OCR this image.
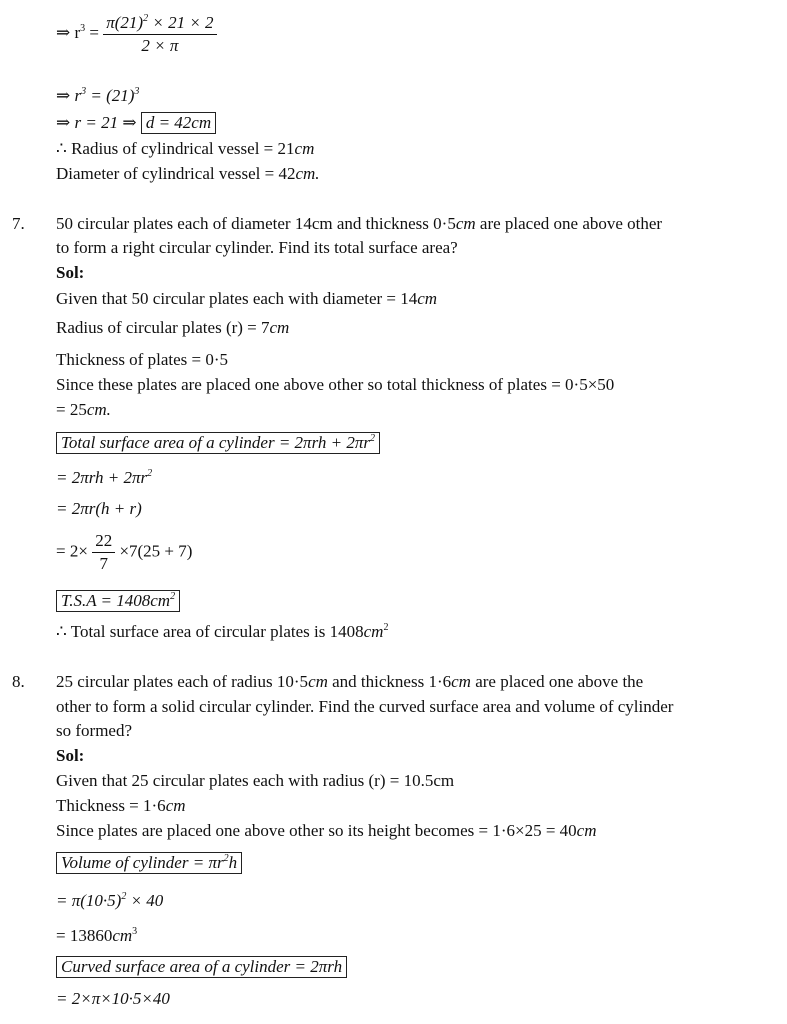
⇒ $r^3 = \frac{\pi(21)^2 \times 21 \times 2}{2 \times \pi}$
⇒ $r^3 = (21)^3$
⇒ r = 21 ⇒ d = 42cm
∴ Radius of cylindrical vessel = 21cm
Diameter of cylindrical vessel = 42cm.
7. 50 circular plates each of diameter 14cm and thickness 0·5cm are placed one above other
to form a right circular cylinder. Find its total surface area?
Sol:
Given that 50 circular plates each with diameter = 14cm
Radius of circular plates (r) = 7cm
Thickness of plates = 0·5
Since these plates are placed one above other so total thickness of plates = 0·5×50
= 25cm.
Total surface area of a cylinder = $2\pi rh + 2\pi r^2$
= $2\pi rh + 2\pi r^2$
= 2πr(h + r)
= $2\times \frac{22}{7} \times 7(25 + 7)$
$T.S.A = 1408cm^2$
∴ Total surface area of circular plates is $1408cm^2$
8. 25 circular plates each of radius 10·5cm and thickness 1·6cm are placed one above the
other to form a solid circular cylinder. Find the curved surface area and volume of cylinder
so formed?
Sol:
Given that 25 circular plates each with radius (r) = 10.5cm
Thickness = 1·6cm
Since plates are placed one above other so its height becomes = 1·6×25 = 40cm
Volume of cylinder = $\pi r^2h$
= $\pi(10\cdot 5)^2 \times 40$
= $13860cm^3$
Curved surface area of a cylinder = 2πrh
= 2×π×10·5×40
